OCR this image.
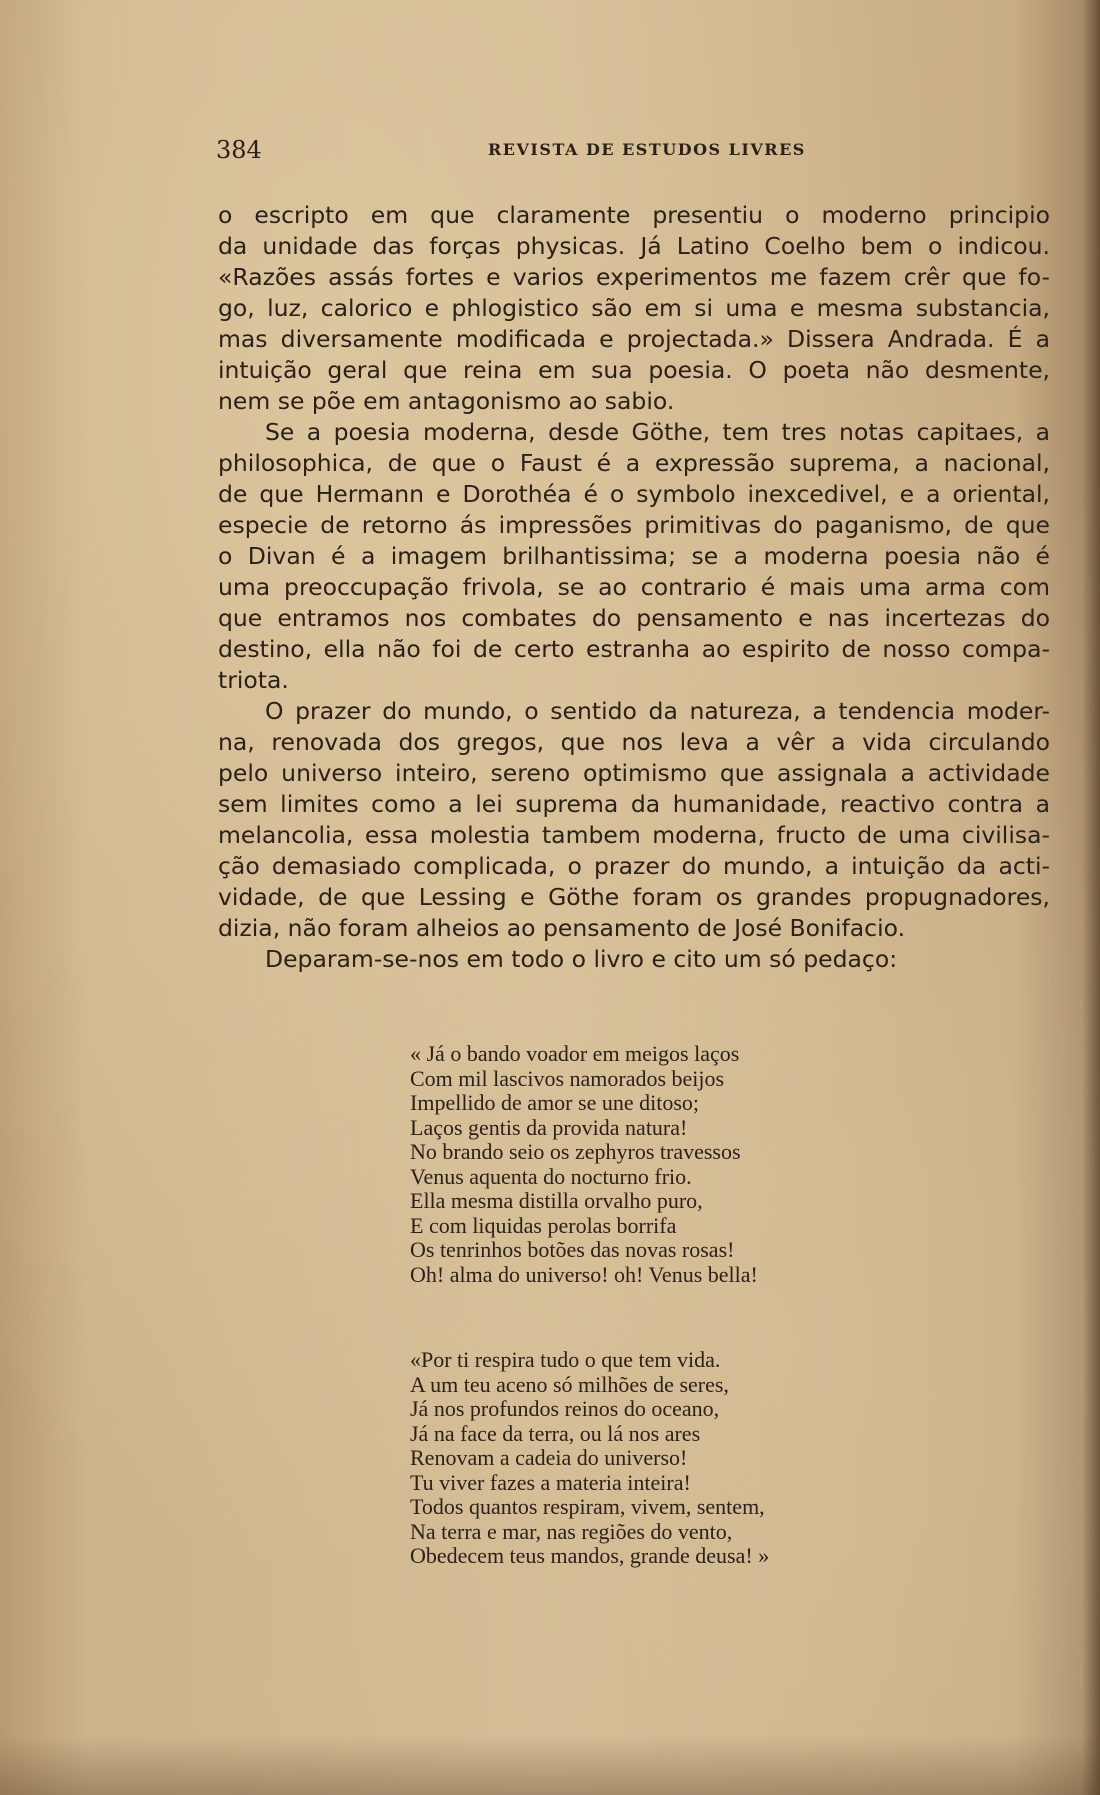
384	REVISTA DE ESTUDOS LIVRES
o escripto em que claramente presentiu o moderno principio
da unidade das forças physicas. Já Latino Coelho bem o indicou.
«Razões assás fortes e varios experimentos me fazem crêr que fo-
go, luz, calorico e phlogistico são em si uma e mesma substancia,
mas diversamente modificada e projectada.» Dissera Andrada. É a
intuição geral que reina em sua poesia. O poeta não desmente,
nem se põe em antagonismo ao sabio.
Se a poesia moderna, desde Göthe, tem tres notas capitaes, a
philosophica, de que o Faust é a expressão suprema, a nacional,
de que Hermann e Dorothéa é o symbolo inexcedivel, e a oriental,
especie de retorno ás impressões primitivas do paganismo, de que
o Divan é a imagem brilhantissima; se a moderna poesia não é
uma preoccupação frivola, se ao contrario é mais uma arma com
que entramos nos combates do pensamento e nas incertezas do
destino, ella não foi de certo estranha ao espirito de nosso compa-
triota.
O prazer do mundo, o sentido da natureza, a tendencia moder-
na, renovada dos gregos, que nos leva a vêr a vida circulando
pelo universo inteiro, sereno optimismo que assignala a actividade
sem limites como a lei suprema da humanidade, reactivo contra a
melancolia, essa molestia tambem moderna, fructo de uma civilisa-
ção demasiado complicada, o prazer do mundo, a intuição da acti-
vidade, de que Lessing e Göthe foram os grandes propugnadores,
dizia, não foram alheios ao pensamento de José Bonifacio.
Deparam-se-nos em todo o livro e cito um só pedaço:
« Já o bando voador em meigos laços
Com mil lascivos namorados beijos
Impellido de amor se une ditoso;
Laços gentis da provida natura!
No brando seio os zephyros travessos
Venus aquenta do nocturno frio.
Ella mesma distilla orvalho puro,
E com liquidas perolas borrifa
Os tenrinhos botões das novas rosas!
Oh! alma do universo! oh! Venus bella!
«Por ti respira tudo o que tem vida.
A um teu aceno só milhões de seres,
Já nos profundos reinos do oceano,
Já na face da terra, ou lá nos ares
Renovam a cadeia do universo!
Tu viver fazes a materia inteira!
Todos quantos respiram, vivem, sentem,
Na terra e mar, nas regiões do vento,
Obedecem teus mandos, grande deusa! »
